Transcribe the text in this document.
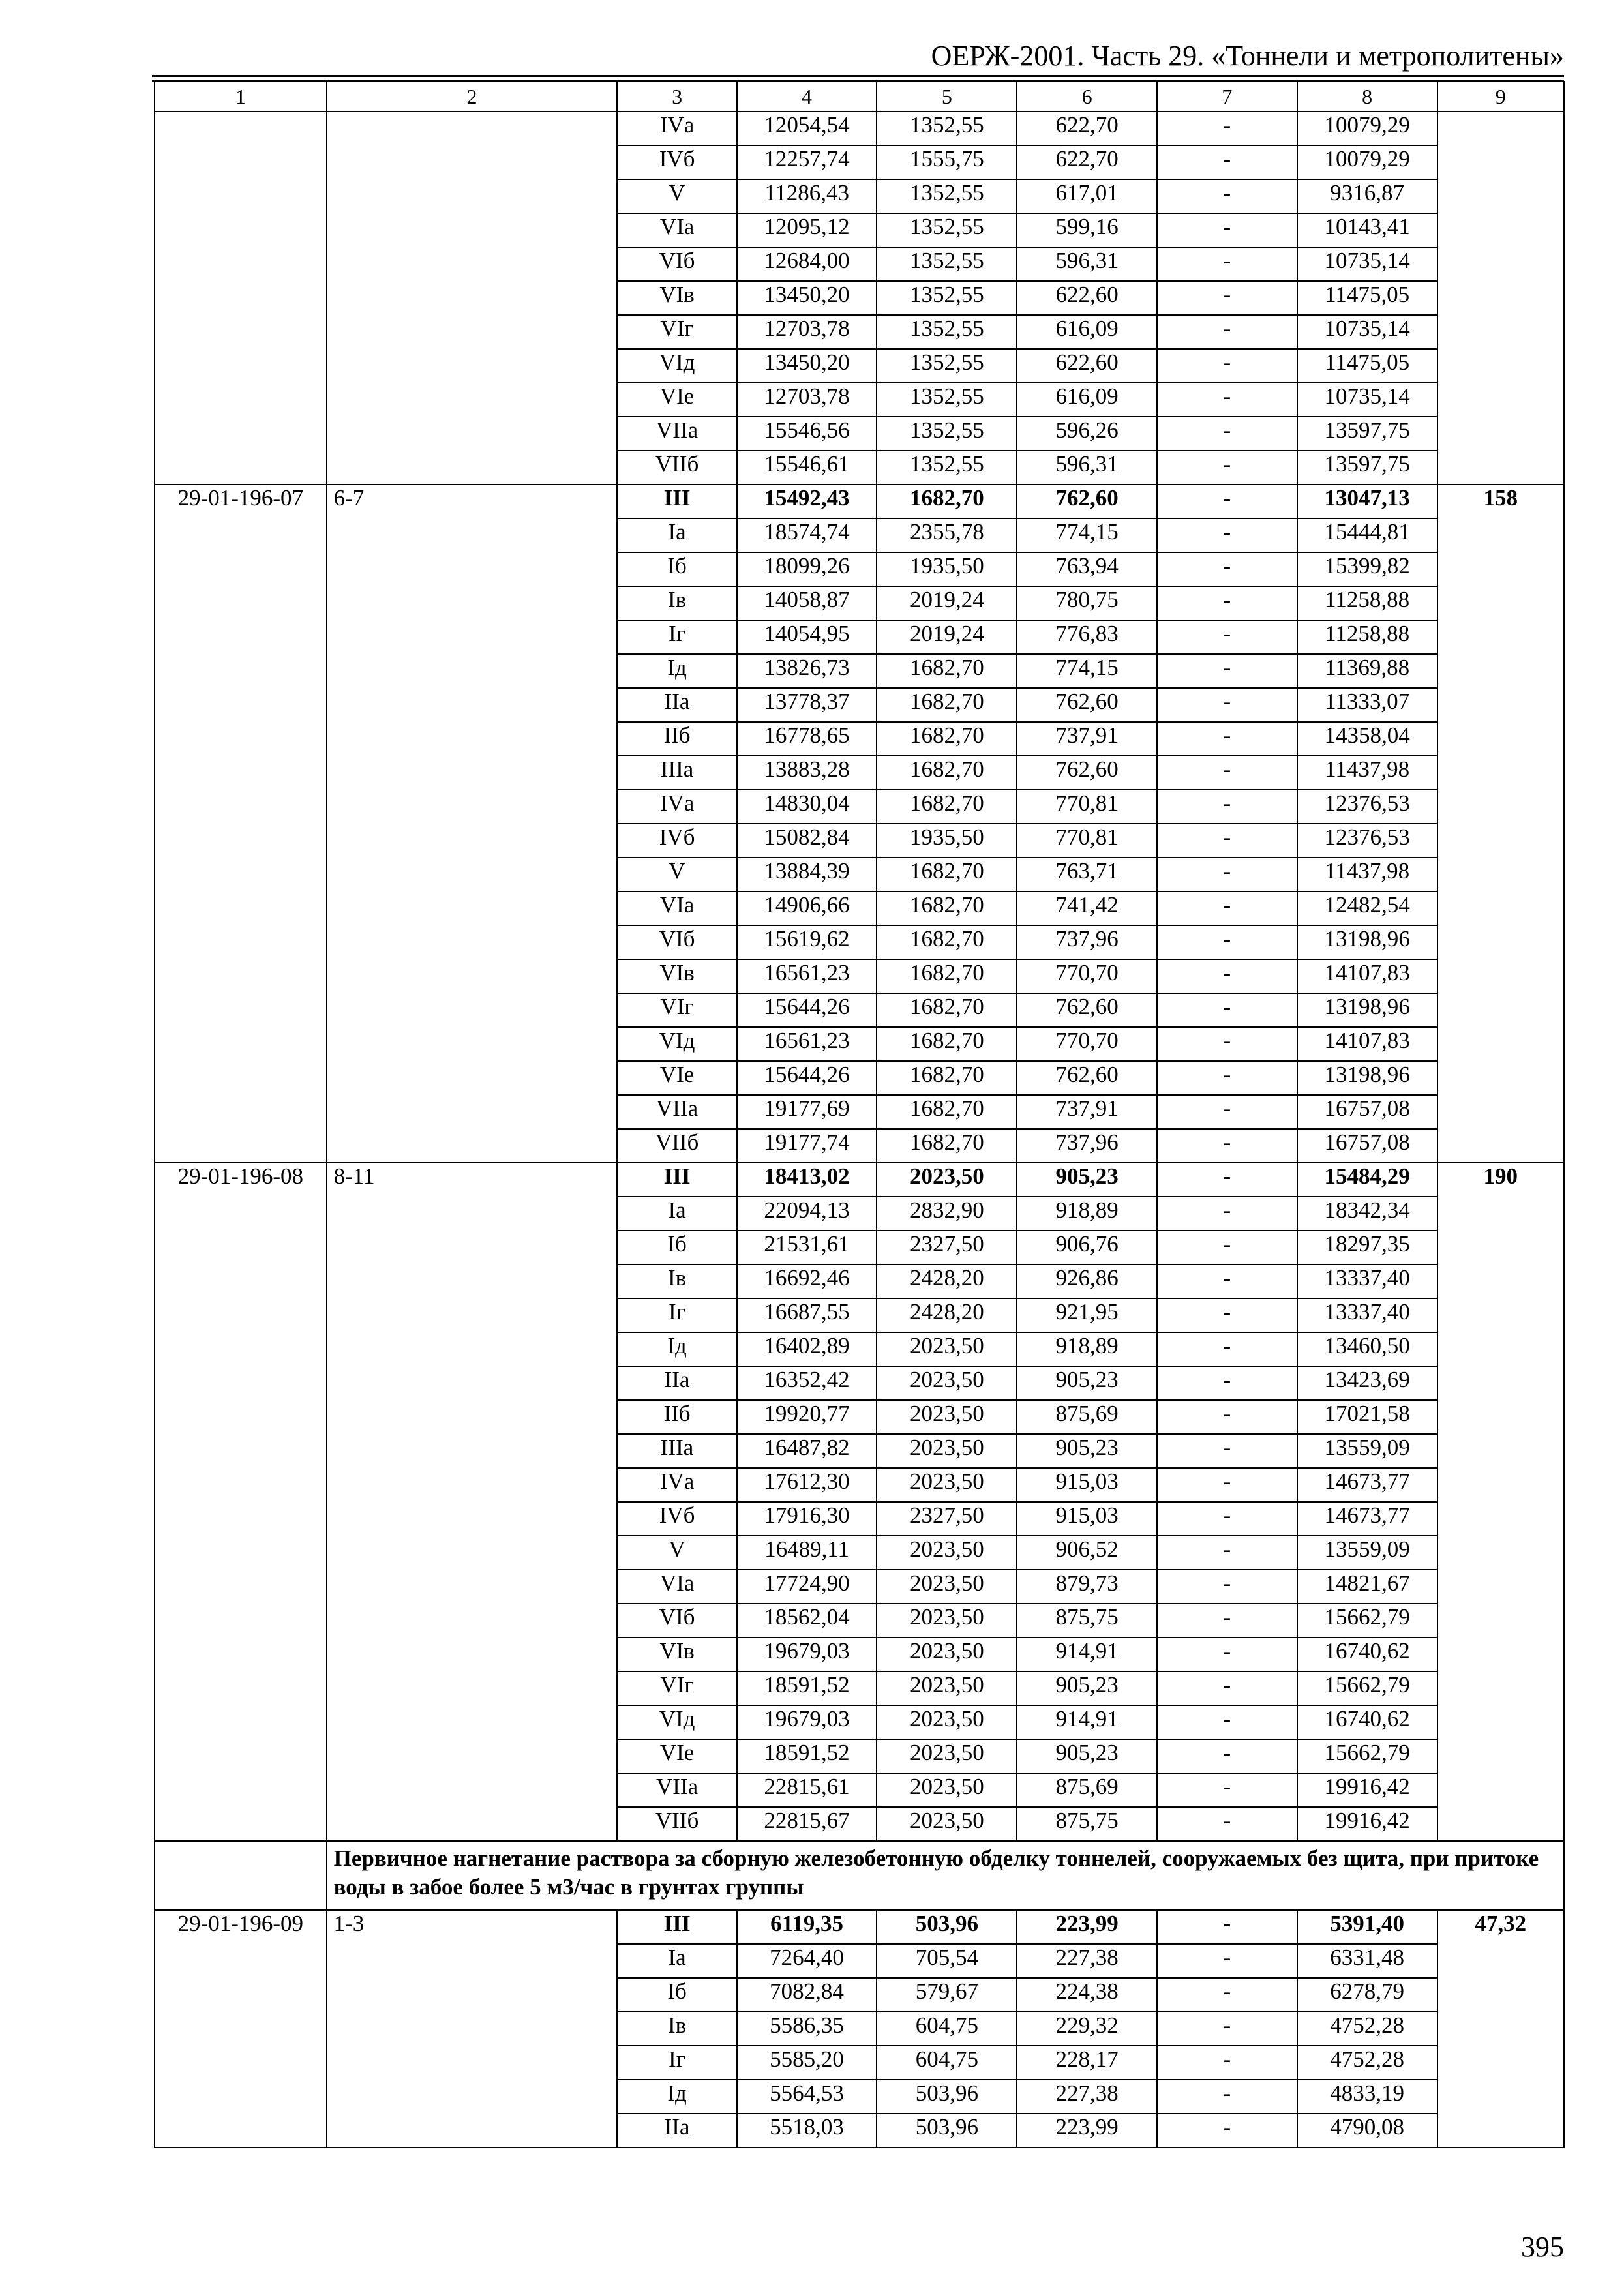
ОЕРЖ-2001. Часть 29. «Тоннели и метрополитены»
1	2	3	4	5	6	7	8	9
		IVа	12054,54	1352,55	622,70	-	10079,29	
		IVб	12257,74	1555,75	622,70	-	10079,29	
		V	11286,43	1352,55	617,01	-	9316,87	
		VIа	12095,12	1352,55	599,16	-	10143,41	
		VIб	12684,00	1352,55	596,31	-	10735,14	
		VIв	13450,20	1352,55	622,60	-	11475,05	
		VIг	12703,78	1352,55	616,09	-	10735,14	
		VIд	13450,20	1352,55	622,60	-	11475,05	
		VIе	12703,78	1352,55	616,09	-	10735,14	
		VIIа	15546,56	1352,55	596,26	-	13597,75	
		VIIб	15546,61	1352,55	596,31	-	13597,75	
29-01-196-07	6-7	III	15492,43	1682,70	762,60	-	13047,13	158
		Iа	18574,74	2355,78	774,15	-	15444,81	
		Iб	18099,26	1935,50	763,94	-	15399,82	
		Iв	14058,87	2019,24	780,75	-	11258,88	
		Iг	14054,95	2019,24	776,83	-	11258,88	
		Iд	13826,73	1682,70	774,15	-	11369,88	
		IIа	13778,37	1682,70	762,60	-	11333,07	
		IIб	16778,65	1682,70	737,91	-	14358,04	
		IIIа	13883,28	1682,70	762,60	-	11437,98	
		IVа	14830,04	1682,70	770,81	-	12376,53	
		IVб	15082,84	1935,50	770,81	-	12376,53	
		V	13884,39	1682,70	763,71	-	11437,98	
		VIа	14906,66	1682,70	741,42	-	12482,54	
		VIб	15619,62	1682,70	737,96	-	13198,96	
		VIв	16561,23	1682,70	770,70	-	14107,83	
		VIг	15644,26	1682,70	762,60	-	13198,96	
		VIд	16561,23	1682,70	770,70	-	14107,83	
		VIе	15644,26	1682,70	762,60	-	13198,96	
		VIIа	19177,69	1682,70	737,91	-	16757,08	
		VIIб	19177,74	1682,70	737,96	-	16757,08	
29-01-196-08	8-11	III	18413,02	2023,50	905,23	-	15484,29	190
		Iа	22094,13	2832,90	918,89	-	18342,34	
		Iб	21531,61	2327,50	906,76	-	18297,35	
		Iв	16692,46	2428,20	926,86	-	13337,40	
		Iг	16687,55	2428,20	921,95	-	13337,40	
		Iд	16402,89	2023,50	918,89	-	13460,50	
		IIа	16352,42	2023,50	905,23	-	13423,69	
		IIб	19920,77	2023,50	875,69	-	17021,58	
		IIIа	16487,82	2023,50	905,23	-	13559,09	
		IVа	17612,30	2023,50	915,03	-	14673,77	
		IVб	17916,30	2327,50	915,03	-	14673,77	
		V	16489,11	2023,50	906,52	-	13559,09	
		VIа	17724,90	2023,50	879,73	-	14821,67	
		VIб	18562,04	2023,50	875,75	-	15662,79	
		VIв	19679,03	2023,50	914,91	-	16740,62	
		VIг	18591,52	2023,50	905,23	-	15662,79	
		VIд	19679,03	2023,50	914,91	-	16740,62	
		VIе	18591,52	2023,50	905,23	-	15662,79	
		VIIа	22815,61	2023,50	875,69	-	19916,42	
		VIIб	22815,67	2023,50	875,75	-	19916,42	
	Первичное нагнетание раствора за сборную железобетонную обделку тоннелей, сооружаемых без щита, при притоке воды в забое более 5 м3/час в грунтах группы							
29-01-196-09	1-3	III	6119,35	503,96	223,99	-	5391,40	47,32
		Iа	7264,40	705,54	227,38	-	6331,48	
		Iб	7082,84	579,67	224,38	-	6278,79	
		Iв	5586,35	604,75	229,32	-	4752,28	
		Iг	5585,20	604,75	228,17	-	4752,28	
		Iд	5564,53	503,96	227,38	-	4833,19	
		IIа	5518,03	503,96	223,99	-	4790,08	
395
